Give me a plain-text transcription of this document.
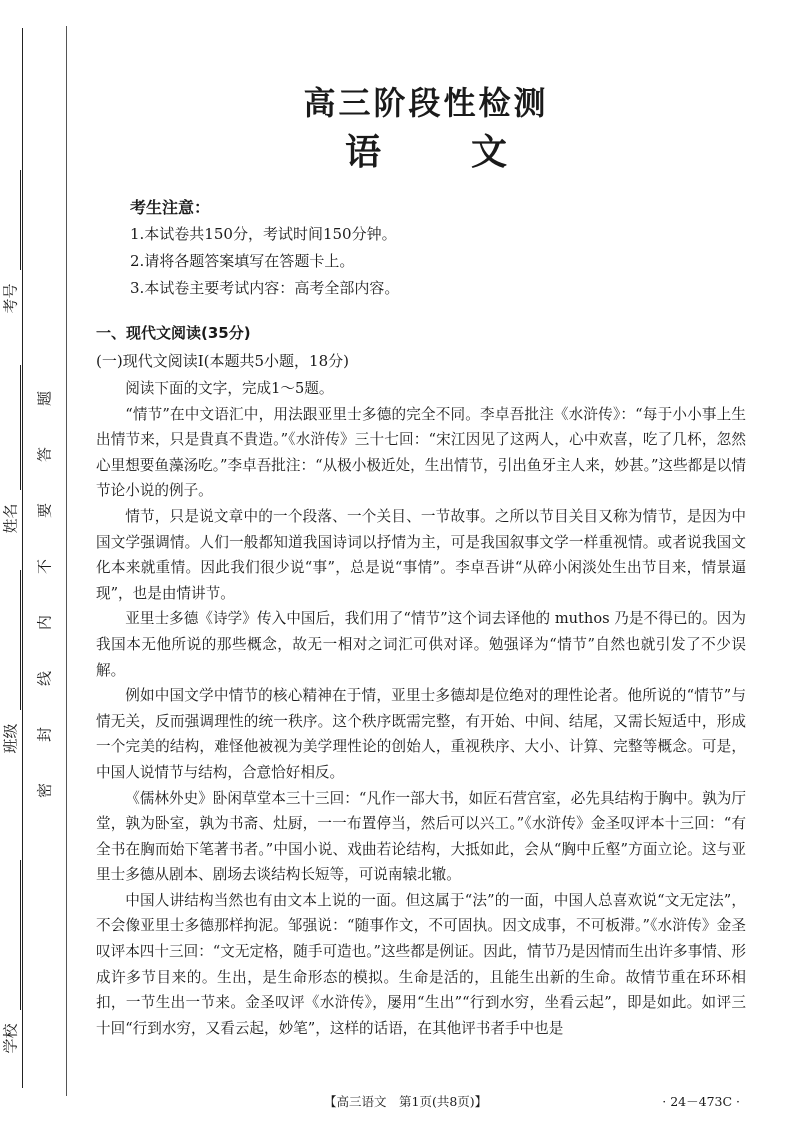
考号
姓名
班级
学校
题
答
要
不
内
线
封
密
高三阶段性检测
语文
考生注意：
1.本试卷共150分，考试时间150分钟。
2.请将各题答案填写在答题卡上。
3.本试卷主要考试内容：高考全部内容。
一、现代文阅读(35分)
(一)现代文阅读Ⅰ(本题共5小题，18分)

阅读下面的文字，完成1～5题。

“情节”在中文语汇中，用法跟亚里士多德的完全不同。李卓吾批注《水浒传》：“每于小小事上生出情节来，只是貴真不貴造。”《水浒传》三十七回：“宋江因见了这两人，心中欢喜，吃了几杯，忽然心里想要鱼藻汤吃。”李卓吾批注：“从极小极近处，生出情节，引出鱼牙主人来，妙甚。”这些都是以情节论小说的例子。

情节，只是说文章中的一个段落、一个关目、一节故事。之所以节目关目又称为情节，是因为中国文学强调情。人们一般都知道我国诗词以抒情为主，可是我国叙事文学一样重视情。或者说我国文化本来就重情。因此我们很少说“事”，总是说“事情”。李卓吾讲“从碎小闲淡处生出节目来，情景逼现”，也是由情讲节。

亚里士多德《诗学》传入中国后，我们用了“情节”这个词去译他的 muthos 乃是不得已的。因为我国本无他所说的那些概念，故无一相对之词汇可供对译。勉强译为“情节”自然也就引发了不少误解。

例如中国文学中情节的核心精神在于情，亚里士多德却是位绝对的理性论者。他所说的“情节”与情无关，反而强调理性的统一秩序。这个秩序既需完整，有开始、中间、结尾，又需长短适中，形成一个完美的结构，难怪他被视为美学理性论的创始人，重视秩序、大小、计算、完整等概念。可是，中国人说情节与结构，合意恰好相反。

《儒林外史》卧闲草堂本三十三回：“凡作一部大书，如匠石营宫室，必先具结构于胸中。孰为厅堂，孰为卧室，孰为书斋、灶厨，一一布置停当，然后可以兴工。”《水浒传》金圣叹评本十三回：“有全书在胸而始下笔著书者。”中国小说、戏曲若论结构，大抵如此，会从“胸中丘壑”方面立论。这与亚里士多德从剧本、剧场去谈结构长短等，可说南辕北辙。

中国人讲结构当然也有由文本上说的一面。但这属于“法”的一面，中国人总喜欢说“文无定法”，不会像亚里士多德那样拘泥。邹强说：“随事作文，不可固执。因文成事，不可板滞。”《水浒传》金圣叹评本四十三回：“文无定格，随手可造也。”这些都是例证。因此，情节乃是因情而生出许多事情、形成许多节目来的。生出，是生命形态的模拟。生命是活的，且能生出新的生命。故情节重在环环相扣，一节生出一节来。金圣叹评《水浒传》，屡用“生出”“行到水穷，坐看云起”，即是如此。如评三十回“行到水穷，又看云起，妙笔”，这样的话语，在其他评书者手中也是

【高三语文　第1页(共8页)】	· 24－473C ·
